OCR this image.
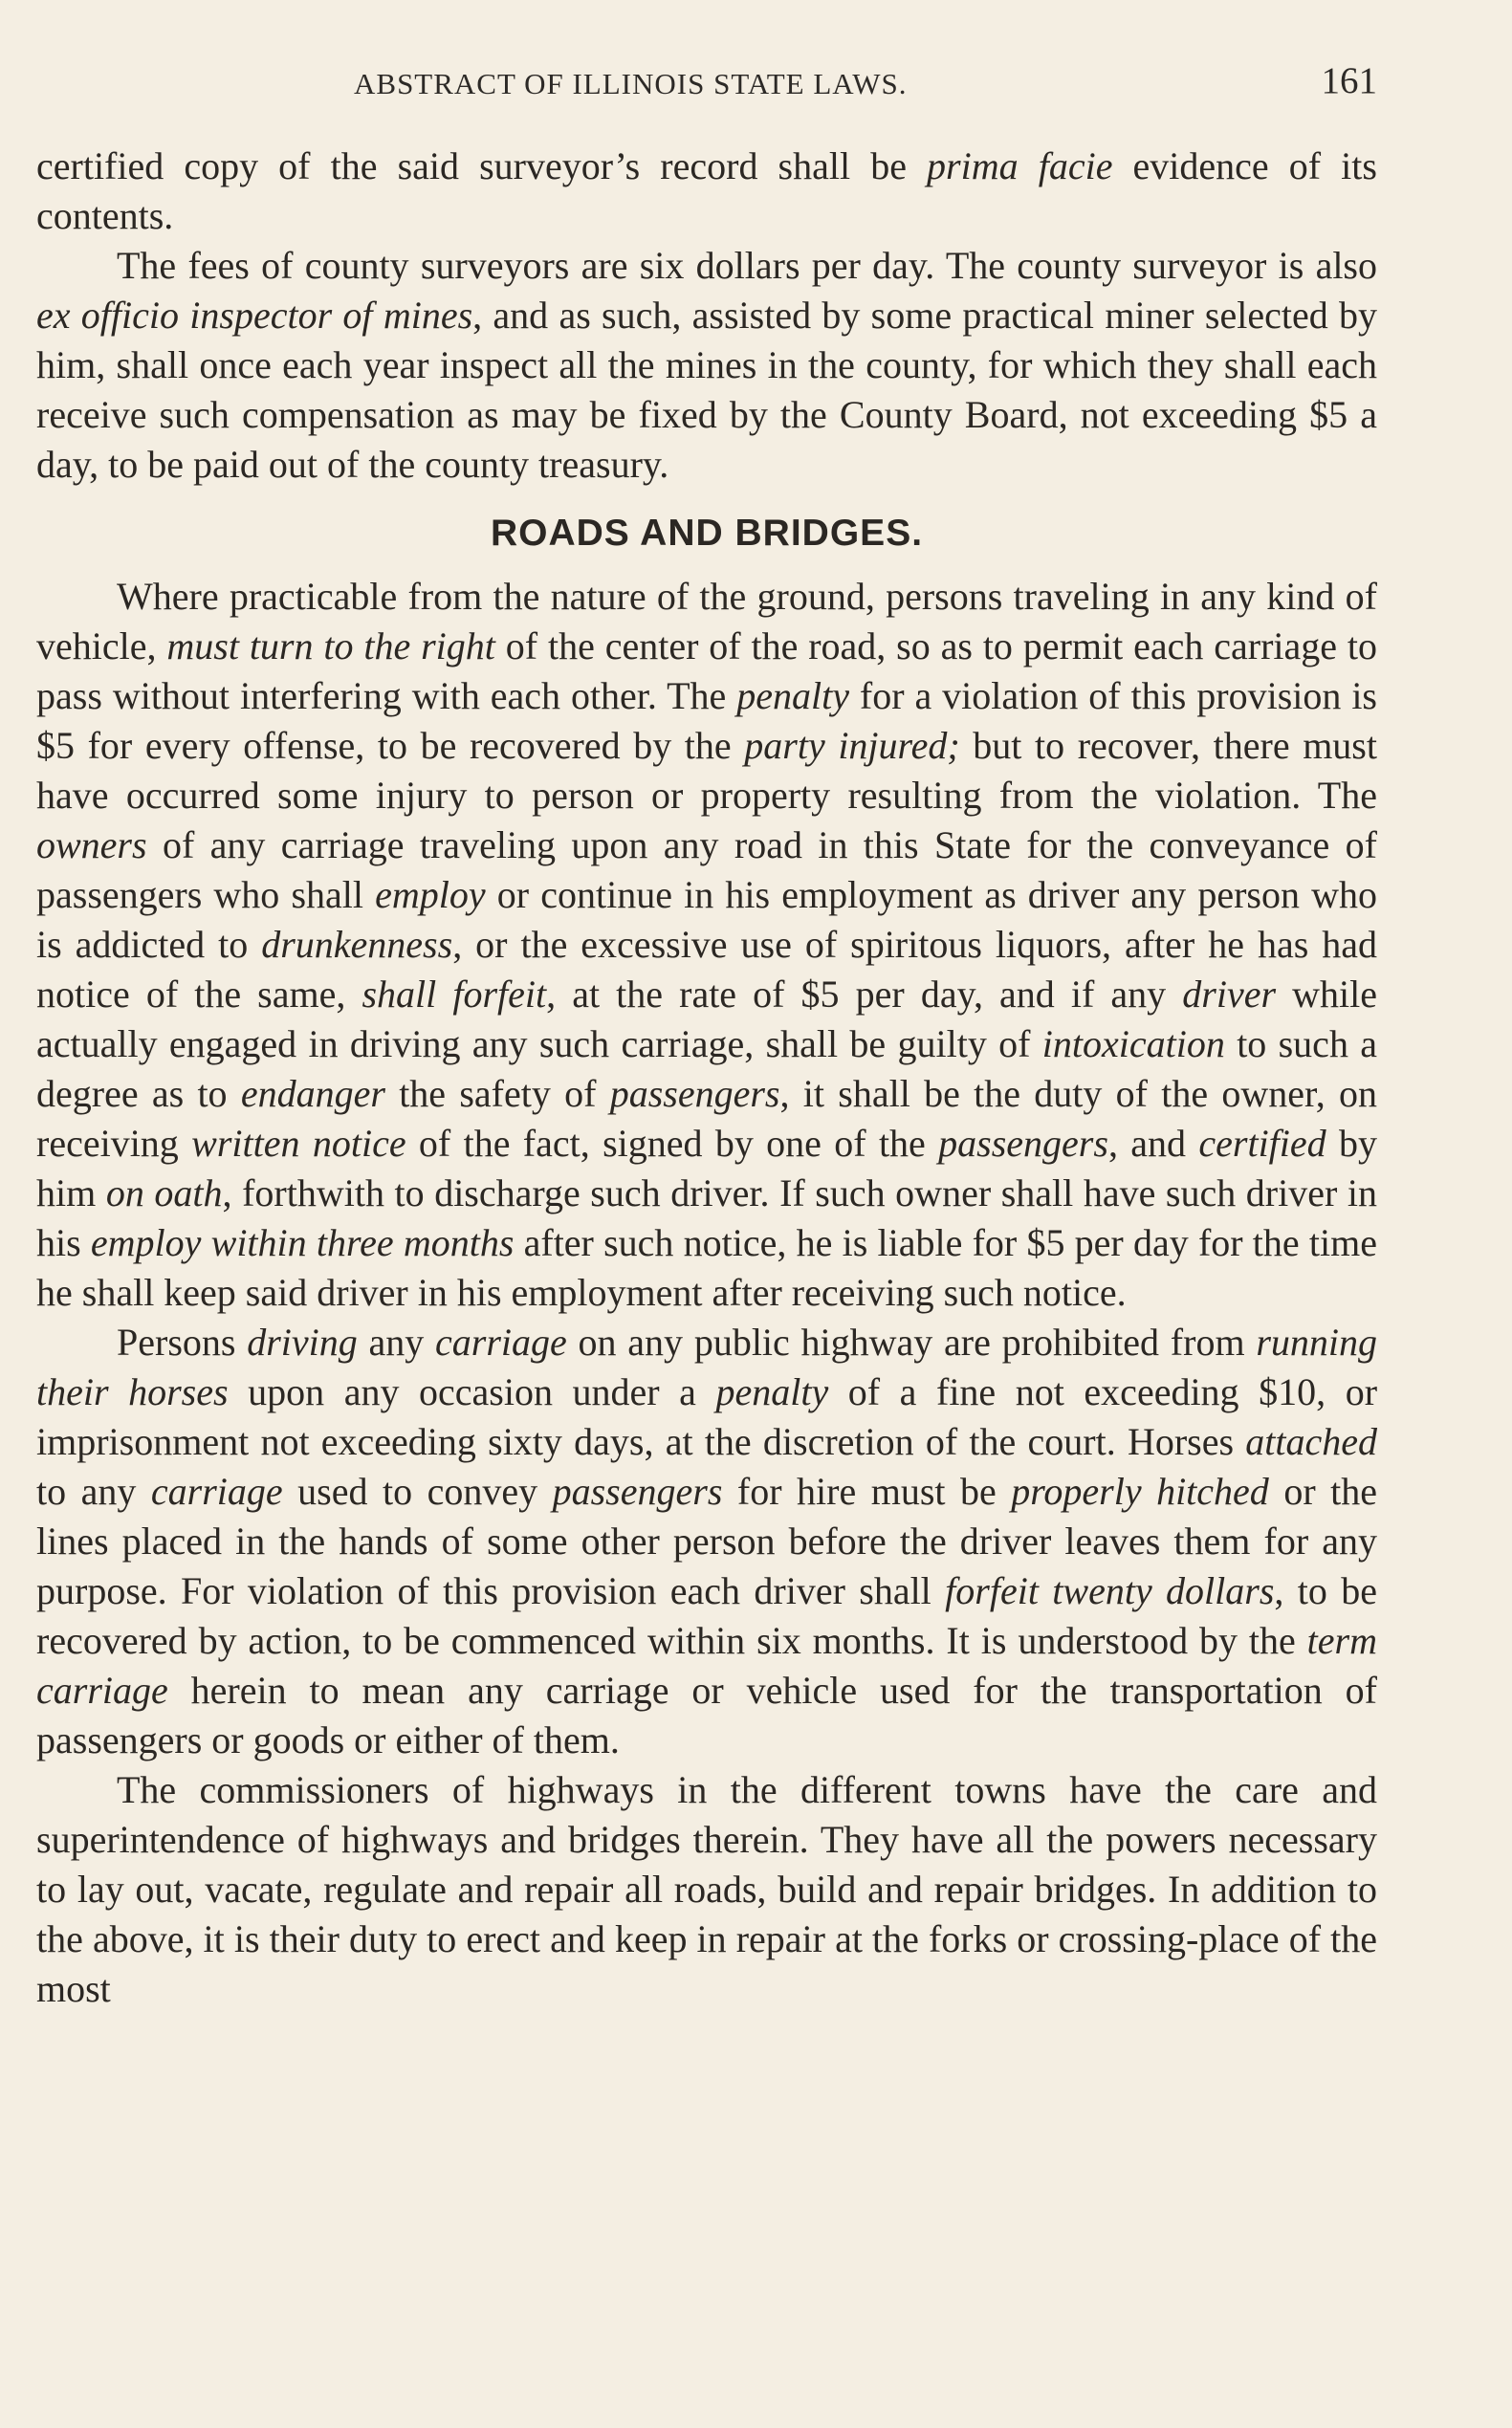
ABSTRACT OF ILLINOIS STATE LAWS.	161

certified copy of the said surveyor’s record shall be prima facie evidence of its contents.

The fees of county surveyors are six dollars per day. The county surveyor is also ex officio inspector of mines, and as such, assisted by some practical miner selected by him, shall once each year inspect all the mines in the county, for which they shall each receive such compensation as may be fixed by the County Board, not exceeding $5 a day, to be paid out of the county treasury.

ROADS AND BRIDGES.

Where practicable from the nature of the ground, persons traveling in any kind of vehicle, must turn to the right of the center of the road, so as to permit each carriage to pass without interfering with each other. The penalty for a violation of this provision is $5 for every offense, to be recovered by the party injured; but to recover, there must have occurred some injury to person or property resulting from the violation. The owners of any carriage traveling upon any road in this State for the conveyance of passengers who shall employ or continue in his employment as driver any person who is addicted to drunkenness, or the excessive use of spiritous liquors, after he has had notice of the same, shall forfeit, at the rate of $5 per day, and if any driver while actually engaged in driving any such carriage, shall be guilty of intoxication to such a degree as to endanger the safety of passengers, it shall be the duty of the owner, on receiving written notice of the fact, signed by one of the passengers, and certified by him on oath, forthwith to discharge such driver. If such owner shall have such driver in his employ within three months after such notice, he is liable for $5 per day for the time he shall keep said driver in his employment after receiving such notice.

Persons driving any carriage on any public highway are prohibited from running their horses upon any occasion under a penalty of a fine not exceeding $10, or imprisonment not exceeding sixty days, at the discretion of the court. Horses attached to any carriage used to convey passengers for hire must be properly hitched or the lines placed in the hands of some other person before the driver leaves them for any purpose. For violation of this provision each driver shall forfeit twenty dollars, to be recovered by action, to be commenced within six months. It is understood by the term carriage herein to mean any carriage or vehicle used for the transportation of passengers or goods or either of them.

The commissioners of highways in the different towns have the care and superintendence of highways and bridges therein. They have all the powers necessary to lay out, vacate, regulate and repair all roads, build and repair bridges. In addition to the above, it is their duty to erect and keep in repair at the forks or crossing-place of the most
